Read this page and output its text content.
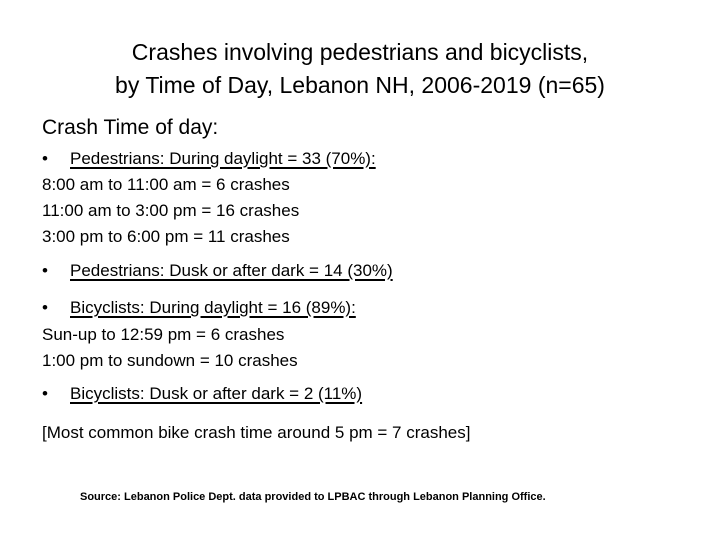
Crashes involving pedestrians and bicyclists,
by Time of Day, Lebanon NH, 2006-2019 (n=65)
Crash Time of day:
• Pedestrians: During daylight = 33 (70%):
8:00 am to 11:00 am = 6 crashes
11:00 am to 3:00 pm = 16 crashes
3:00 pm to 6:00 pm = 11 crashes
• Pedestrians: Dusk or after dark = 14 (30%)
• Bicyclists: During daylight = 16 (89%):
Sun-up to 12:59 pm = 6 crashes
1:00 pm to sundown = 10 crashes
• Bicyclists: Dusk or after dark = 2 (11%)
[Most common bike crash time around 5 pm = 7 crashes]
Source: Lebanon Police Dept. data provided to LPBAC through Lebanon Planning Office.
